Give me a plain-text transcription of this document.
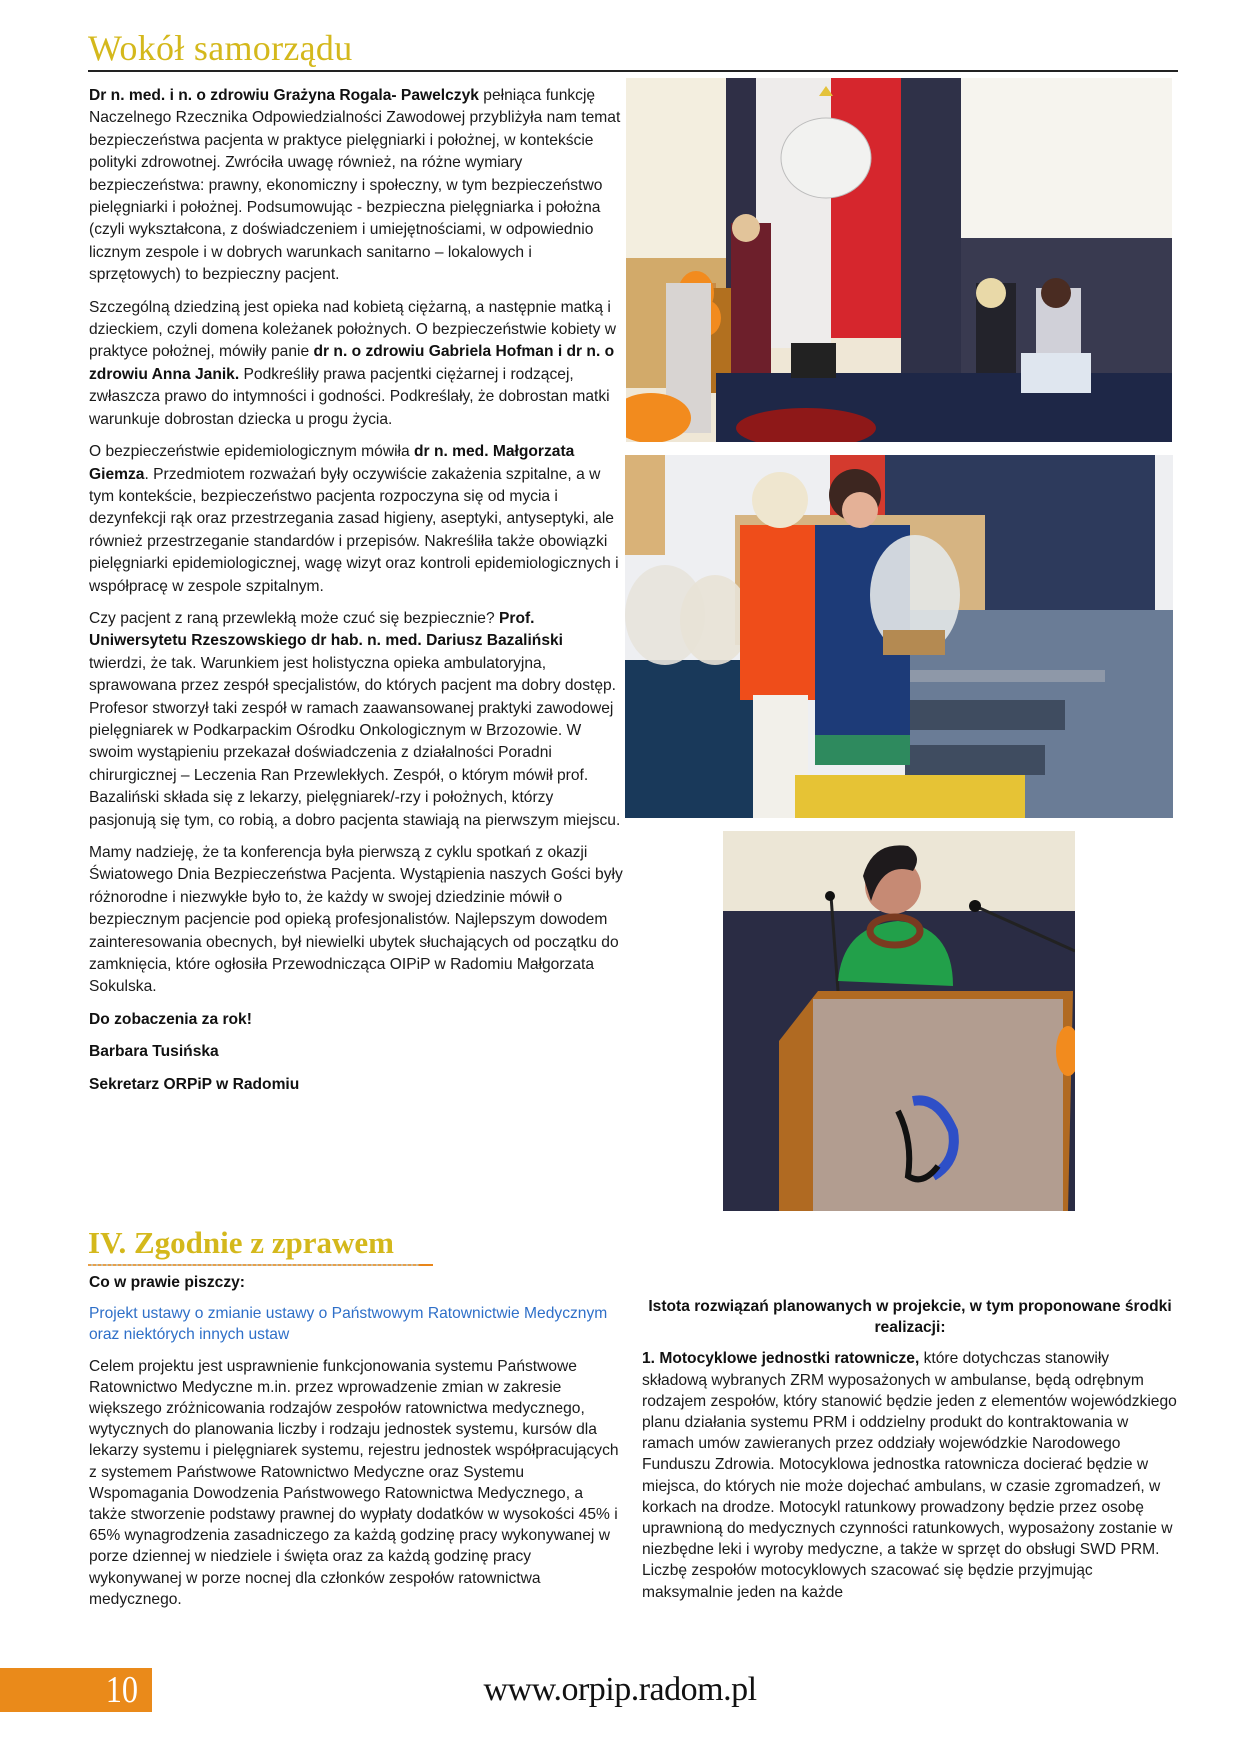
Wokół samorządu

Dr n. med. i n. o zdrowiu Grażyna Rogala- Pawelczyk pełniąca funkcję Naczelnego Rzecznika Odpowiedzialności Zawodowej przybliżyła nam temat bezpieczeństwa pacjenta w praktyce pielęgniarki i położnej, w kontekście polityki zdrowotnej. Zwróciła uwagę również, na różne wymiary bezpieczeństwa: prawny, ekonomiczny i społeczny, w tym bezpieczeństwo pielęgniarki i położnej. Podsumowując - bezpieczna pielęgniarka i położna (czyli wykształcona, z doświadczeniem i umiejętnościami, w odpowiednio licznym zespole i w dobrych warunkach sanitarno – lokalowych i sprzętowych) to bezpieczny pacjent.

Szczególną dziedziną jest opieka nad kobietą ciężarną, a następnie matką i dzieckiem, czyli domena koleżanek położnych. O bezpieczeństwie kobiety w praktyce położnej, mówiły panie dr n. o zdrowiu Gabriela Hofman i dr n. o zdrowiu Anna Janik. Podkreśliły prawa pacjentki ciężarnej i rodzącej, zwłaszcza prawo do intymności i godności. Podkreślały, że dobrostan matki warunkuje dobrostan dziecka u progu życia.

O bezpieczeństwie epidemiologicznym mówiła dr n. med. Małgorzata Giemza. Przedmiotem rozważań były oczywiście zakażenia szpitalne, a w tym kontekście, bezpieczeństwo pacjenta rozpoczyna się od mycia i dezynfekcji rąk oraz przestrzegania zasad higieny, aseptyki, antyseptyki, ale również przestrzeganie standardów i przepisów. Nakreśliła także obowiązki pielęgniarki epidemiologicznej, wagę wizyt oraz kontroli epidemiologicznych i współpracę w zespole szpitalnym.

Czy pacjent z raną przewlekłą może czuć się bezpiecznie? Prof. Uniwersytetu Rzeszowskiego dr hab. n. med. Dariusz Bazaliński twierdzi, że tak. Warunkiem jest holistyczna opieka ambulatoryjna, sprawowana przez zespół specjalistów, do których pacjent ma dobry dostęp. Profesor stworzył taki zespół w ramach zaawansowanej praktyki zawodowej pielęgniarek w Podkarpackim Ośrodku Onkologicznym w Brzozowie. W swoim wystąpieniu przekazał doświadczenia z działalności Poradni chirurgicznej – Leczenia Ran Przewlekłych. Zespół, o którym mówił prof. Bazaliński składa się z lekarzy, pielęgniarek/-rzy i położnych, którzy pasjonują się tym, co robią, a dobro pacjenta stawiają na pierwszym miejscu.

Mamy nadzieję, że ta konferencja była pierwszą z cyklu spotkań z okazji Światowego Dnia Bezpieczeństwa Pacjenta. Wystąpienia naszych Gości były różnorodne i niezwykłe było to, że każdy w swojej dziedzinie mówił o bezpiecznym pacjencie pod opieką profesjonalistów. Najlepszym dowodem zainteresowania obecnych, był niewielki ubytek słuchających od początku do zamknięcia, które ogłosiła Przewodnicząca OIPiP w Radomiu Małgorzata Sokulska.

Do zobaczenia za rok!

Barbara Tusińska

Sekretarz ORPiP w Radomiu

IV. Zgodnie z zprawem

Co w prawie piszczy:

Projekt ustawy o zmianie ustawy o Państwowym Ratownictwie Medycznym oraz niektórych innych ustaw

Celem projektu jest usprawnienie funkcjonowania systemu Państwowe Ratownictwo Medyczne m.in. przez wprowadzenie zmian w zakresie większego zróżnicowania rodzajów zespołów ratownictwa medycznego, wytycznych do planowania liczby i rodzaju jednostek systemu, kursów dla lekarzy systemu i pielęgniarek systemu, rejestru jednostek współpracujących z systemem Państwowe Ratownictwo Medyczne oraz Systemu Wspomagania Dowodzenia Państwowego Ratownictwa Medycznego, a także stworzenie podstawy prawnej do wypłaty dodatków w wysokości 45% i 65% wynagrodzenia zasadniczego za każdą godzinę pracy wykonywanej w porze dziennej w niedziele i święta oraz za każdą godzinę pracy wykonywanej w porze nocnej dla członków zespołów ratownictwa medycznego.

Istota rozwiązań planowanych w projekcie, w tym proponowane środki realizacji:

1. Motocyklowe jednostki ratownicze, które dotychczas stanowiły składową wybranych ZRM wyposażonych w ambulanse, będą odrębnym rodzajem zespołów, który stanowić będzie jeden z elementów wojewódzkiego planu działania systemu PRM i oddzielny produkt do kontraktowania w ramach umów zawieranych przez oddziały wojewódzkie Narodowego Funduszu Zdrowia. Motocyklowa jednostka ratownicza docierać będzie w miejsca, do których nie może dojechać ambulans, w czasie zgromadzeń, w korkach na drodze. Motocykl ratunkowy prowadzony będzie przez osobę uprawnioną do medycznych czynności ratunkowych, wyposażony zostanie w niezbędne leki i wyroby medyczne, a także w sprzęt do obsługi SWD PRM. Liczbę zespołów motocyklowych szacować się będzie przyjmując maksymalnie jeden na każde

10	www.orpip.radom.pl
